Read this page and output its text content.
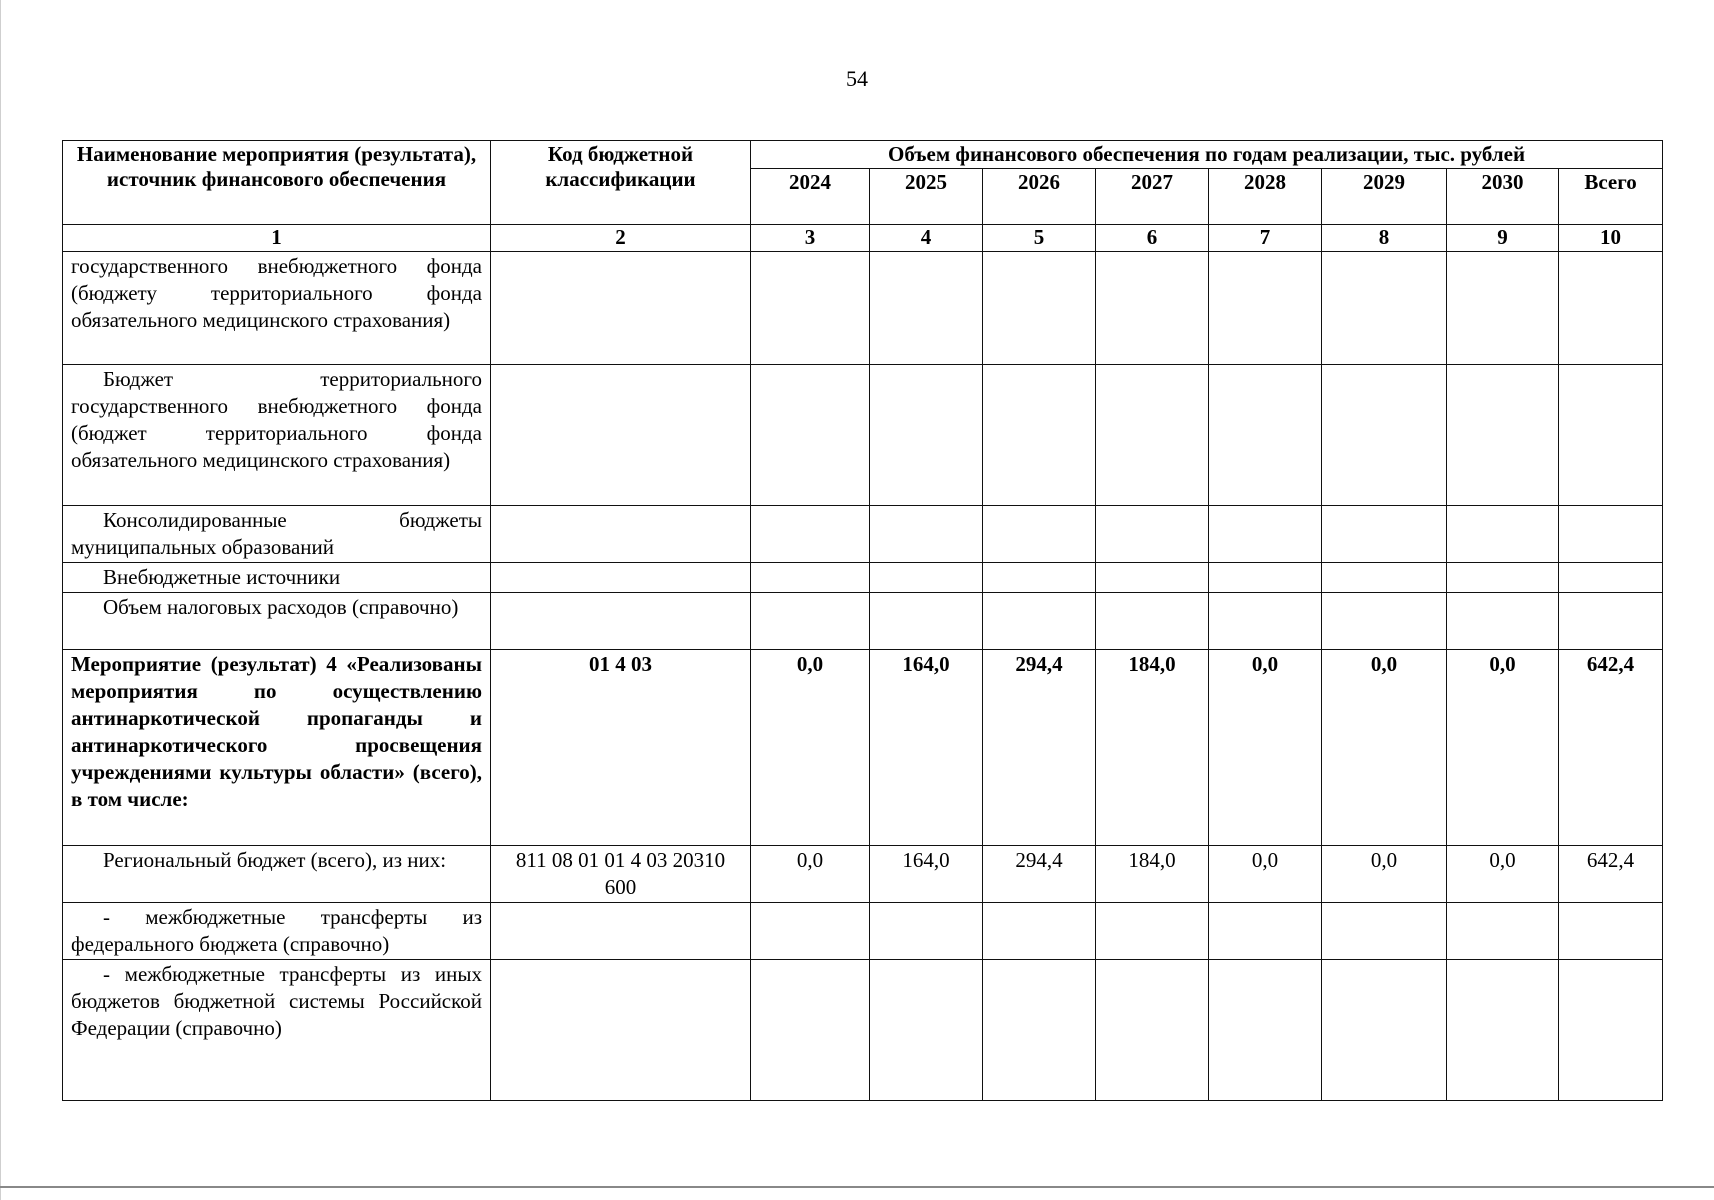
54
Наименование мероприятия (результата), источник финансового обеспечения	Код бюджетной классификации	Объем финансового обеспечения по годам реализации, тыс. рублей							
		2024	2025	2026	2027	2028	2029	2030	Всего
1	2	3	4	5	6	7	8	9	10
государственного внебюджетного фонда (бюджету территориального фонда обязательного медицинского страхования)									
Бюджет территориального государственного внебюджетного фонда (бюджет территориального фонда обязательного медицинского страхования)									
Консолидированные бюджеты муниципальных образований									
Внебюджетные источники									
Объем налоговых расходов (справочно)									
Мероприятие (результат) 4 «Реализованы мероприятия по осуществлению антинаркотической пропаганды и антинаркотического просвещения учреждениями культуры области» (всего), в том числе:	01 4 03	0,0	164,0	294,4	184,0	0,0	0,0	0,0	642,4
Региональный бюджет (всего), из них:	811 08 01 01 4 03 20310 600	0,0	164,0	294,4	184,0	0,0	0,0	0,0	642,4
- межбюджетные трансферты из федерального бюджета (справочно)									
- межбюджетные трансферты из иных бюджетов бюджетной системы Российской Федерации (справочно)									
